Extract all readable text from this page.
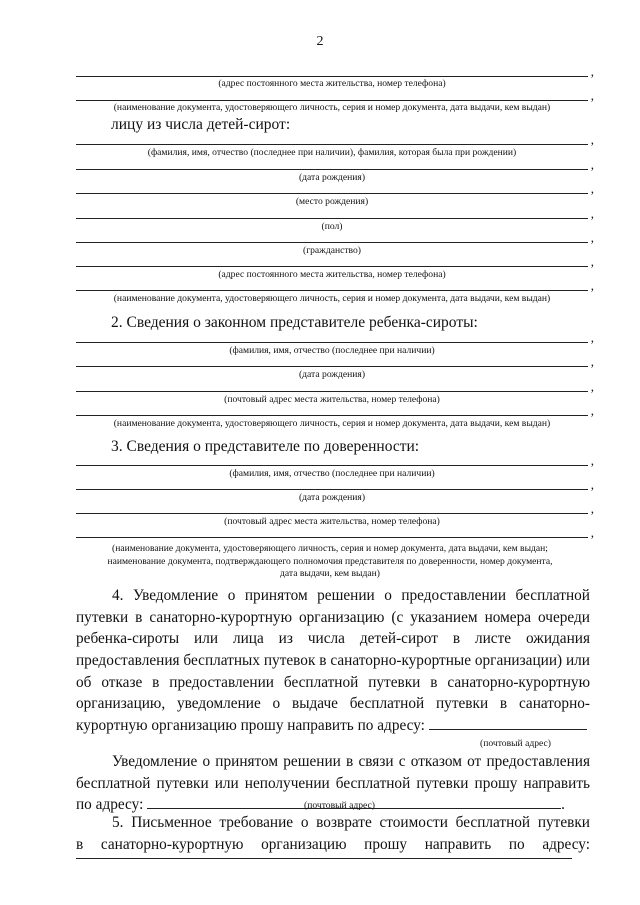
2
,
(адрес постоянного места жительства, номер телефона)
,
(наименование документа, удостоверяющего личность, серия и номер документа, дата выдачи, кем выдан)
лицу из числа детей-сирот:
,
(фамилия, имя, отчество (последнее при наличии), фамилия, которая была при рождении)
,
(дата рождения)
,
(место рождения)
,
(пол)
,
(гражданство)
,
(адрес постоянного места жительства, номер телефона)
,
(наименование документа, удостоверяющего личность, серия и номер документа, дата выдачи, кем выдан)
2. Сведения о законном представителе ребенка-сироты:
,
(фамилия, имя, отчество (последнее при наличии)
,
(дата рождения)
,
(почтовый адрес места жительства, номер телефона)
,
(наименование документа, удостоверяющего личность, серия и номер документа, дата выдачи, кем выдан)
3. Сведения о представителе по доверенности:
,
(фамилия, имя, отчество (последнее при наличии)
,
(дата рождения)
,
(почтовый адрес места жительства, номер телефона)
,
(наименование документа, удостоверяющего личность, серия и номер документа, дата выдачи, кем выдан;
наименование документа, подтверждающего полномочия представителя по доверенности, номер документа,
дата выдачи, кем выдан)
4. Уведомление о принятом решении о предоставлении бесплатной
путевки в санаторно-курортную организацию (с указанием номера очереди
ребенка-сироты или лица из числа детей-сирот в листе ожидания
предоставления бесплатных путевок в санаторно-курортные организации) или
об отказе в предоставлении бесплатной путевки в санаторно-курортную
организацию, уведомление о выдаче бесплатной путевки в санаторно-
курортную организацию прошу направить по адресу:
(почтовый адрес)
Уведомление о принятом решении в связи с отказом от предоставления
бесплатной путевки или неполучении бесплатной путевки прошу направить
по адресу:	.
(почтовый адрес)
5. Письменное требование о возврате стоимости бесплатной путевки
в санаторно-курортную организацию прошу направить по адресу:
